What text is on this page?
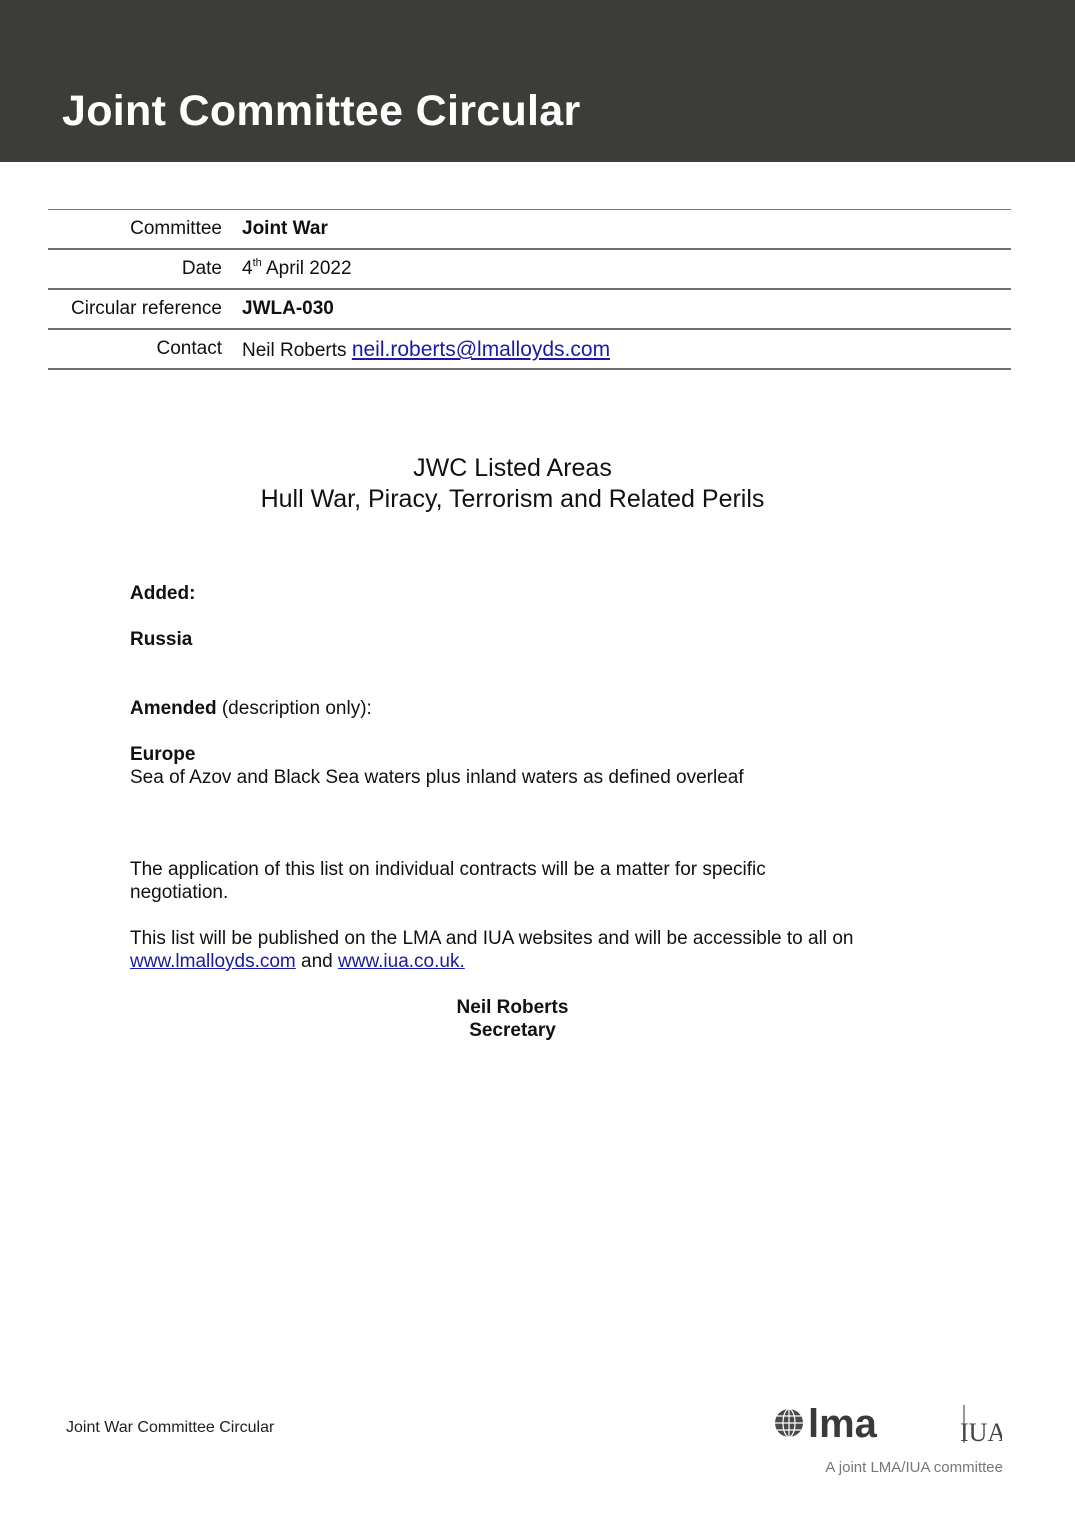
Joint Committee Circular
Committee Joint War
Date 4th April 2022
Circular reference JWLA-030
Contact Neil Roberts neil.roberts@lmalloyds.com
JWC Listed Areas
Hull War, Piracy, Terrorism and Related Perils
Added:
Russia
Amended (description only):
Europe
Sea of Azov and Black Sea waters plus inland waters as defined overleaf
The application of this list on individual contracts will be a matter for specific
negotiation.
This list will be published on the LMA and IUA websites and will be accessible to all on
www.lmalloyds.com and www.iua.co.uk.
Neil Roberts
Secretary
Joint War Committee Circular	lma	IUA
A joint LMA/IUA committee
